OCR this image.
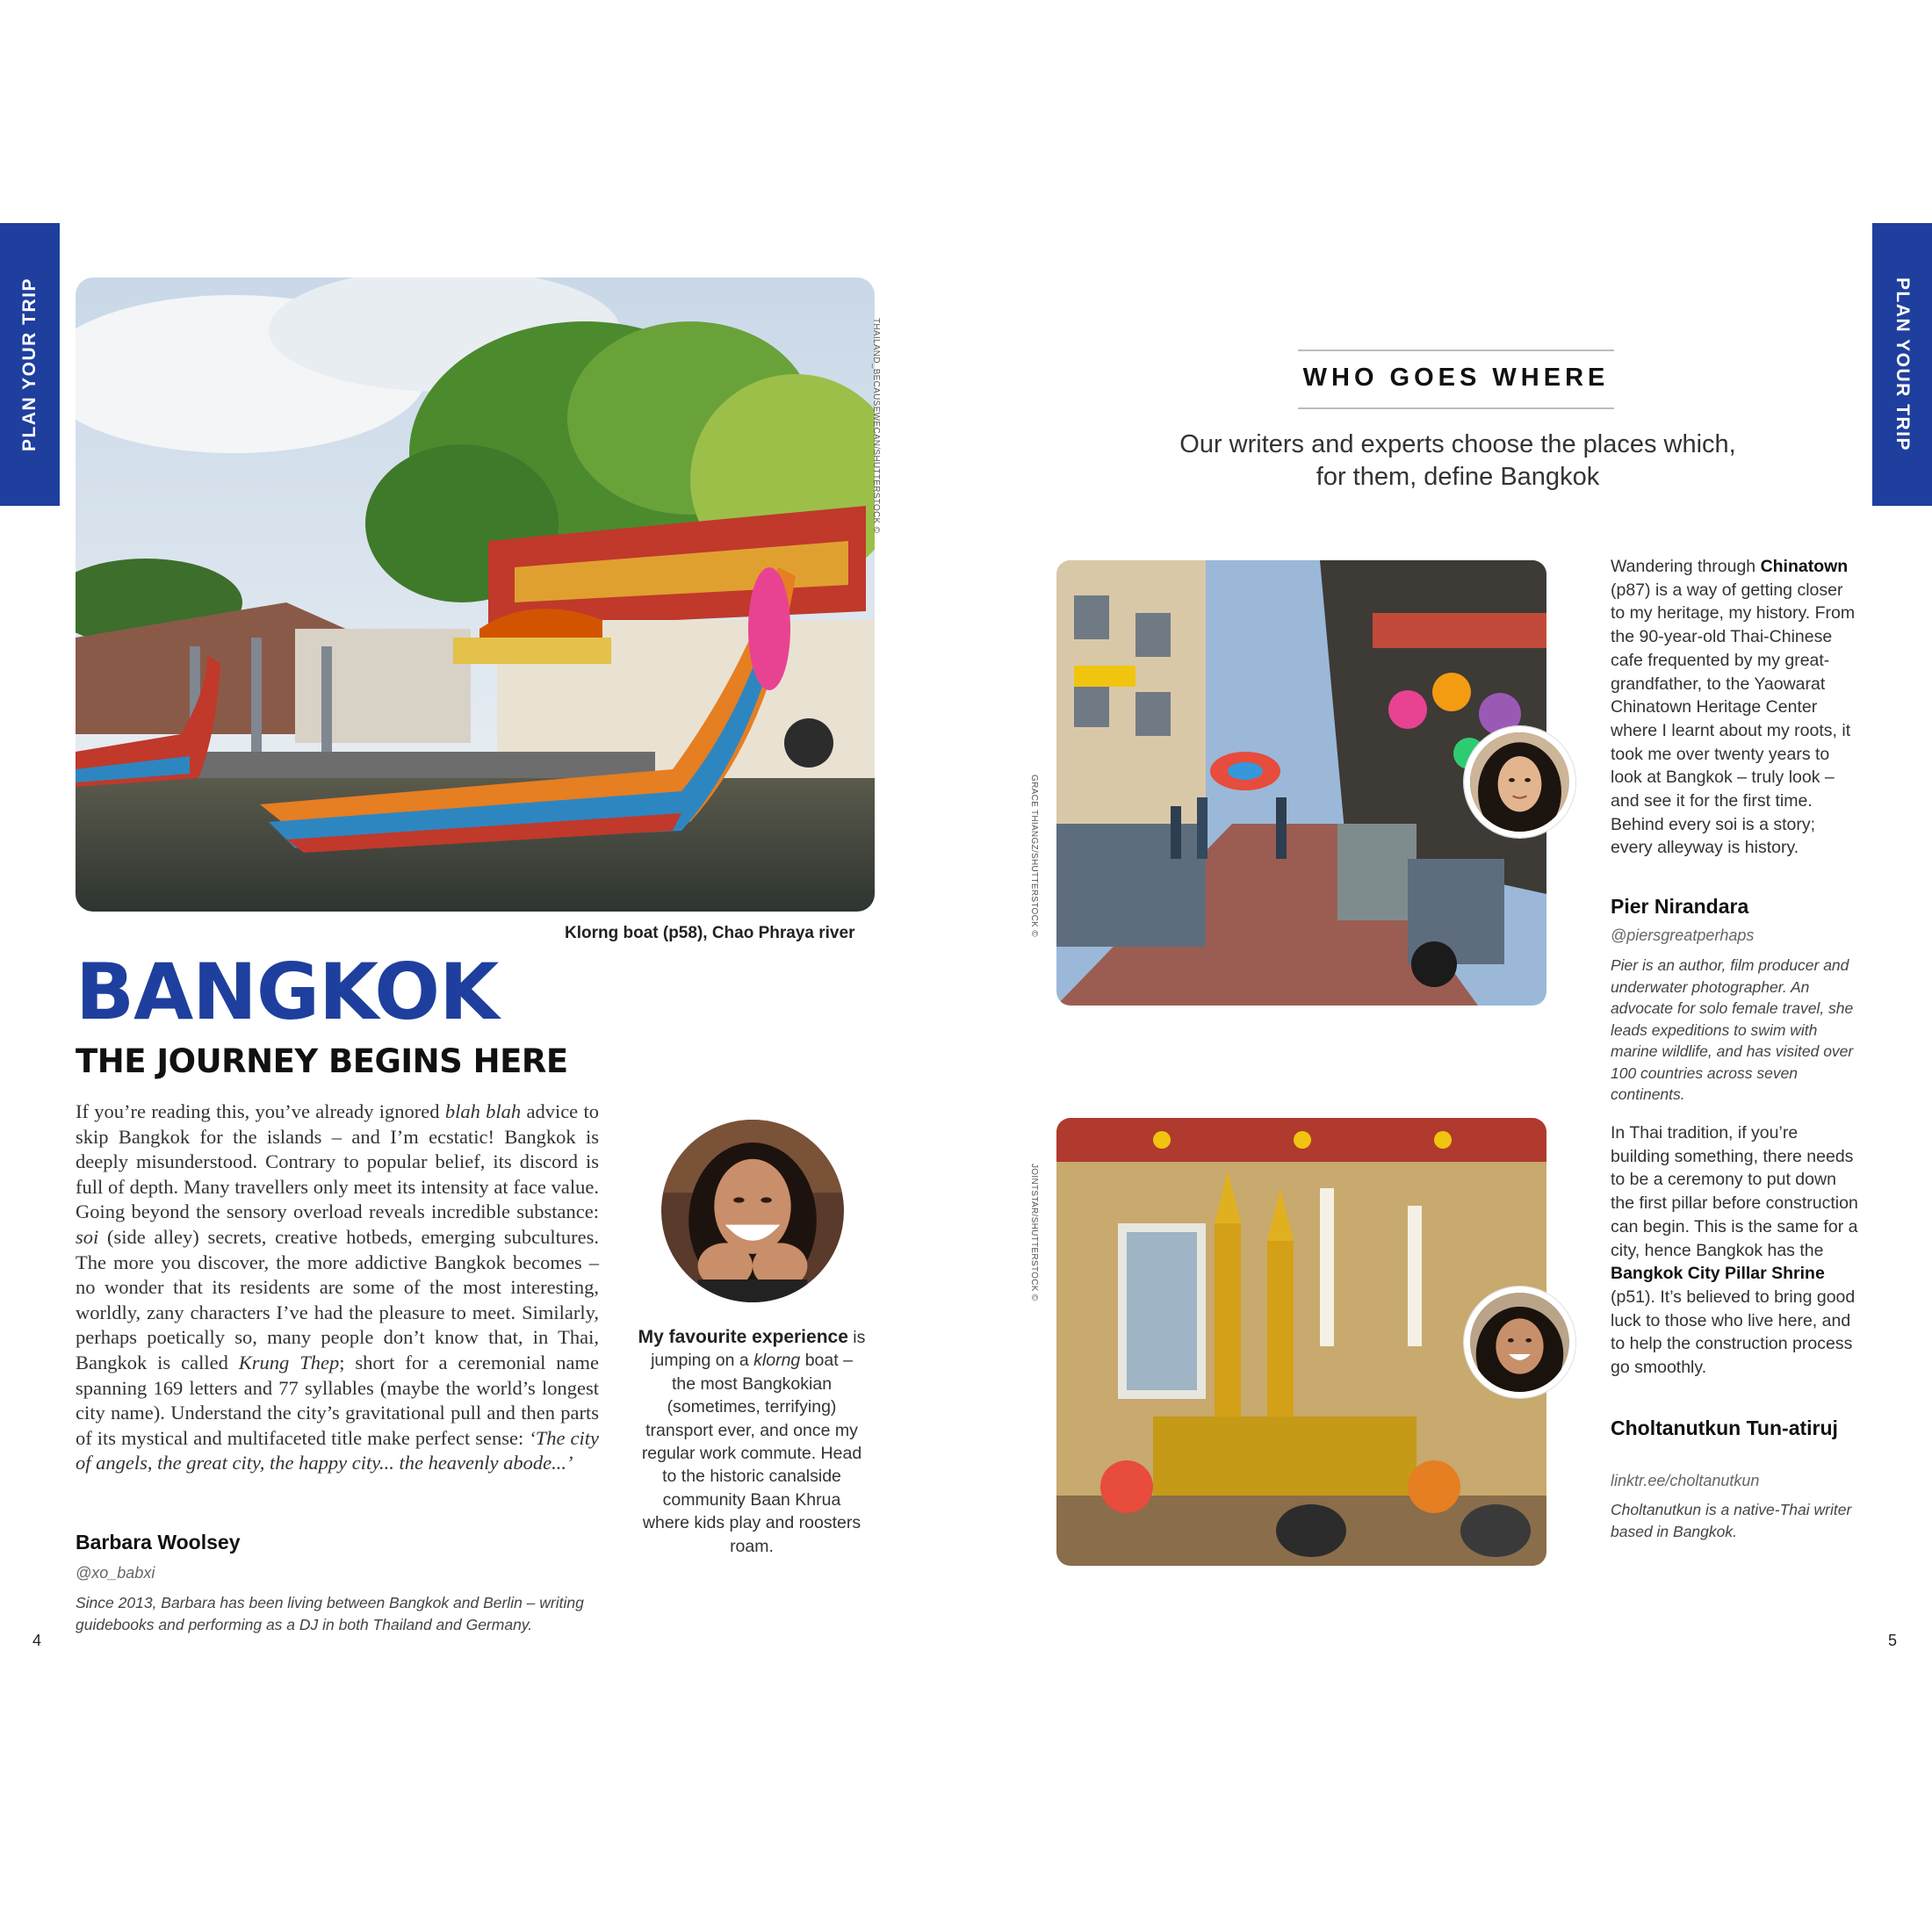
PLAN YOUR TRIP	PLAN YOUR TRIP
THAILAND_BECAUSEWECAN/SHUTTERSTOCK ©
Klorng boat (p58), Chao Phraya river
BANGKOK
THE JOURNEY BEGINS HERE

If you’re reading this, you’ve already ignored blah blah advice to skip Bangkok for the islands – and I’m ecstatic! Bangkok is deeply misunderstood. Contrary to popular belief, its discord is full of depth. Many travellers only meet its intensity at face value. Going beyond the sensory overload reveals incredible substance: soi (side alley) secrets, creative hotbeds, emerging subcultures. The more you discover, the more addictive Bangkok becomes – no wonder that its residents are some of the most interesting, worldly, zany characters I’ve had the pleasure to meet. Similarly, perhaps poetically so, many people don’t know that, in Thai, Bangkok is called Krung Thep; short for a ceremonial name spanning 169 letters and 77 syllables (maybe the world’s longest city name). Understand the city’s gravitational pull and then parts of its mystical and multifaceted title make perfect sense: ‘The city of angels, the great city, the happy city... the heavenly abode...’

Barbara Woolsey
@xo_babxi

Since 2013, Barbara has been living between Bangkok and Berlin – writing guidebooks and performing as a DJ in both Thailand and Germany.

My favourite experience is jumping on a klorng boat – the most Bangkokian (sometimes, terrifying) transport ever, and once my regular work commute. Head to the historic canalside community Baan Khrua where kids play and roosters roam.

4
WHO GOES WHERE

Our writers and experts choose the places which, for them, define Bangkok

GRACE THIANGZ/SHUTTERSTOCK ©

Wandering through Chinatown (p87) is a way of getting closer to my heritage, my history. From the 90-year-old Thai-Chinese cafe frequented by my great-grandfather, to the Yaowarat Chinatown Heritage Center where I learnt about my roots, it took me over twenty years to look at Bangkok – truly look – and see it for the first time. Behind every soi is a story; every alleyway is history.

Pier Nirandara
@piersgreatperhaps

Pier is an author, film producer and underwater photographer. An advocate for solo female travel, she leads expeditions to swim with marine wildlife, and has visited over 100 countries across seven continents.

JOINTSTAR/SHUTTERSTOCK ©

In Thai tradition, if you’re building something, there needs to be a ceremony to put down the first pillar before construction can begin. This is the same for a city, hence Bangkok has the Bangkok City Pillar Shrine (p51). It’s believed to bring good luck to those who live here, and to help the construction process go smoothly.

Choltanutkun Tun-atiruj
linktr.ee/choltanutkun

Choltanutkun is a native-Thai writer based in Bangkok.

5
